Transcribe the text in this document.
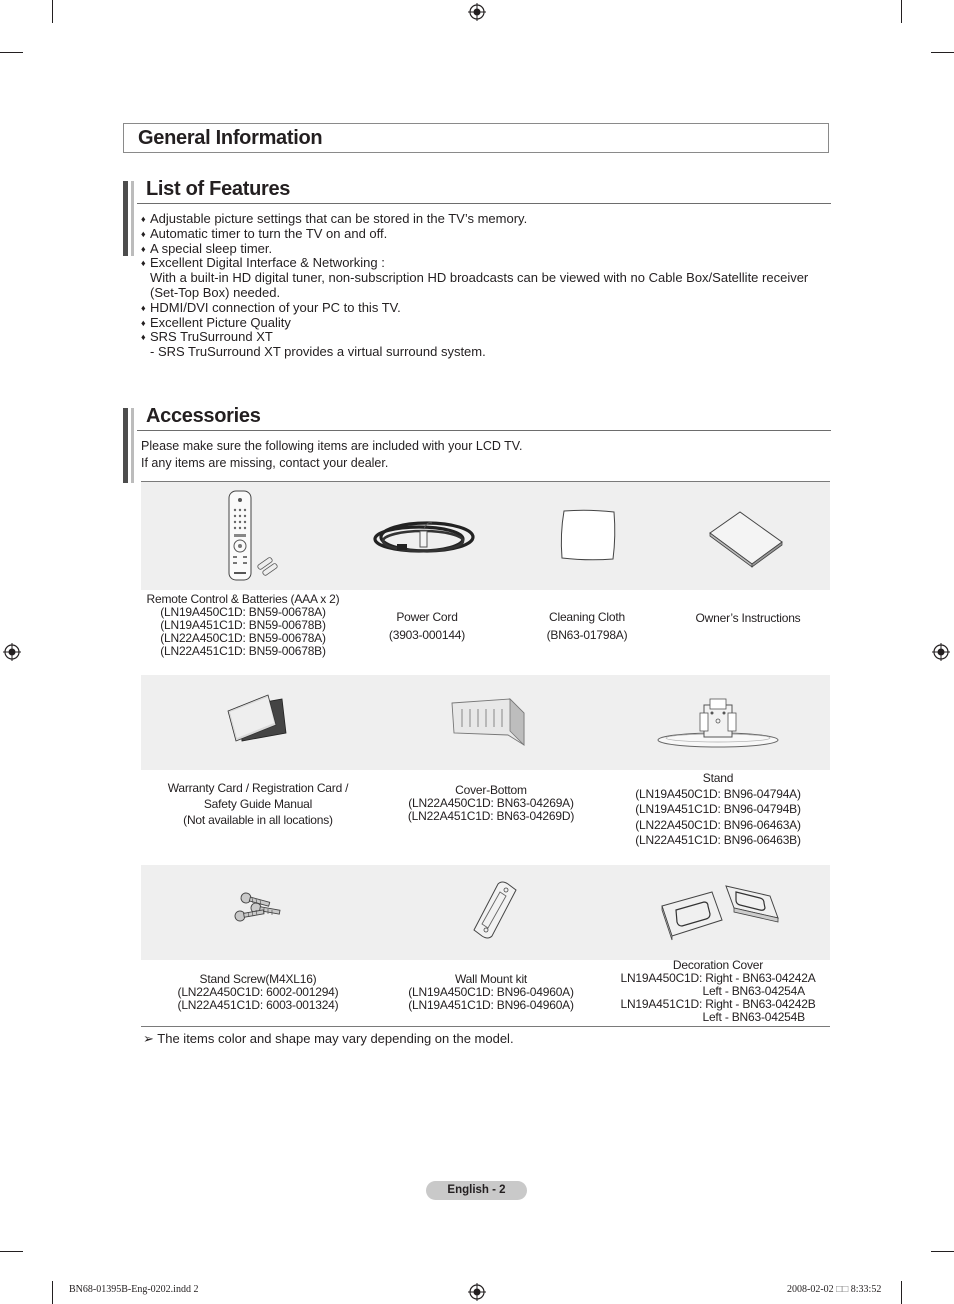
General Information
List of Features
♦ Adjustable picture settings that can be stored in the TV’s memory.
♦ Automatic timer to turn the TV on and off.
♦ A special sleep timer.
♦ Excellent Digital Interface & Networking :
With a built-in HD digital tuner, non-subscription HD broadcasts can be viewed with no Cable Box/Satellite receiver
(Set-Top Box) needed.
♦ HDMI/DVI connection of your PC to this TV.
♦ Excellent Picture Quality
♦ SRS TruSurround XT
- SRS TruSurround XT provides a virtual surround system.
Accessories
Please make sure the following items are included with your LCD TV.
If any items are missing, contact your dealer.
Remote Control & Batteries (AAA x 2)
(LN19A450C1D: BN59-00678A)
(LN19A451C1D: BN59-00678B)
(LN22A450C1D: BN59-00678A)
(LN22A451C1D: BN59-00678B)
Power Cord
(3903-000144)
Cleaning Cloth
(BN63-01798A)
Owner’s Instructions
Warranty Card / Registration Card /
Safety Guide Manual
(Not available in all locations)
Cover-Bottom
(LN22A450C1D: BN63-04269A)
(LN22A451C1D: BN63-04269D)
Stand
(LN19A450C1D: BN96-04794A)
(LN19A451C1D: BN96-04794B)
(LN22A450C1D: BN96-06463A)
(LN22A451C1D: BN96-06463B)
Stand Screw(M4XL16)
(LN22A450C1D: 6002-001294)
(LN22A451C1D: 6003-001324)
Wall Mount kit
(LN19A450C1D: BN96-04960A)
(LN19A451C1D: BN96-04960A)
Decoration Cover
LN19A450C1D: Right - BN63-04242A
Left - BN63-04254A
LN19A451C1D: Right - BN63-04242B
Left - BN63-04254B
➢ The items color and shape may vary depending on the model.
English - 2
BN68-01395B-Eng-0202.indd 2	2008-02-02 □□ 8:33:52
